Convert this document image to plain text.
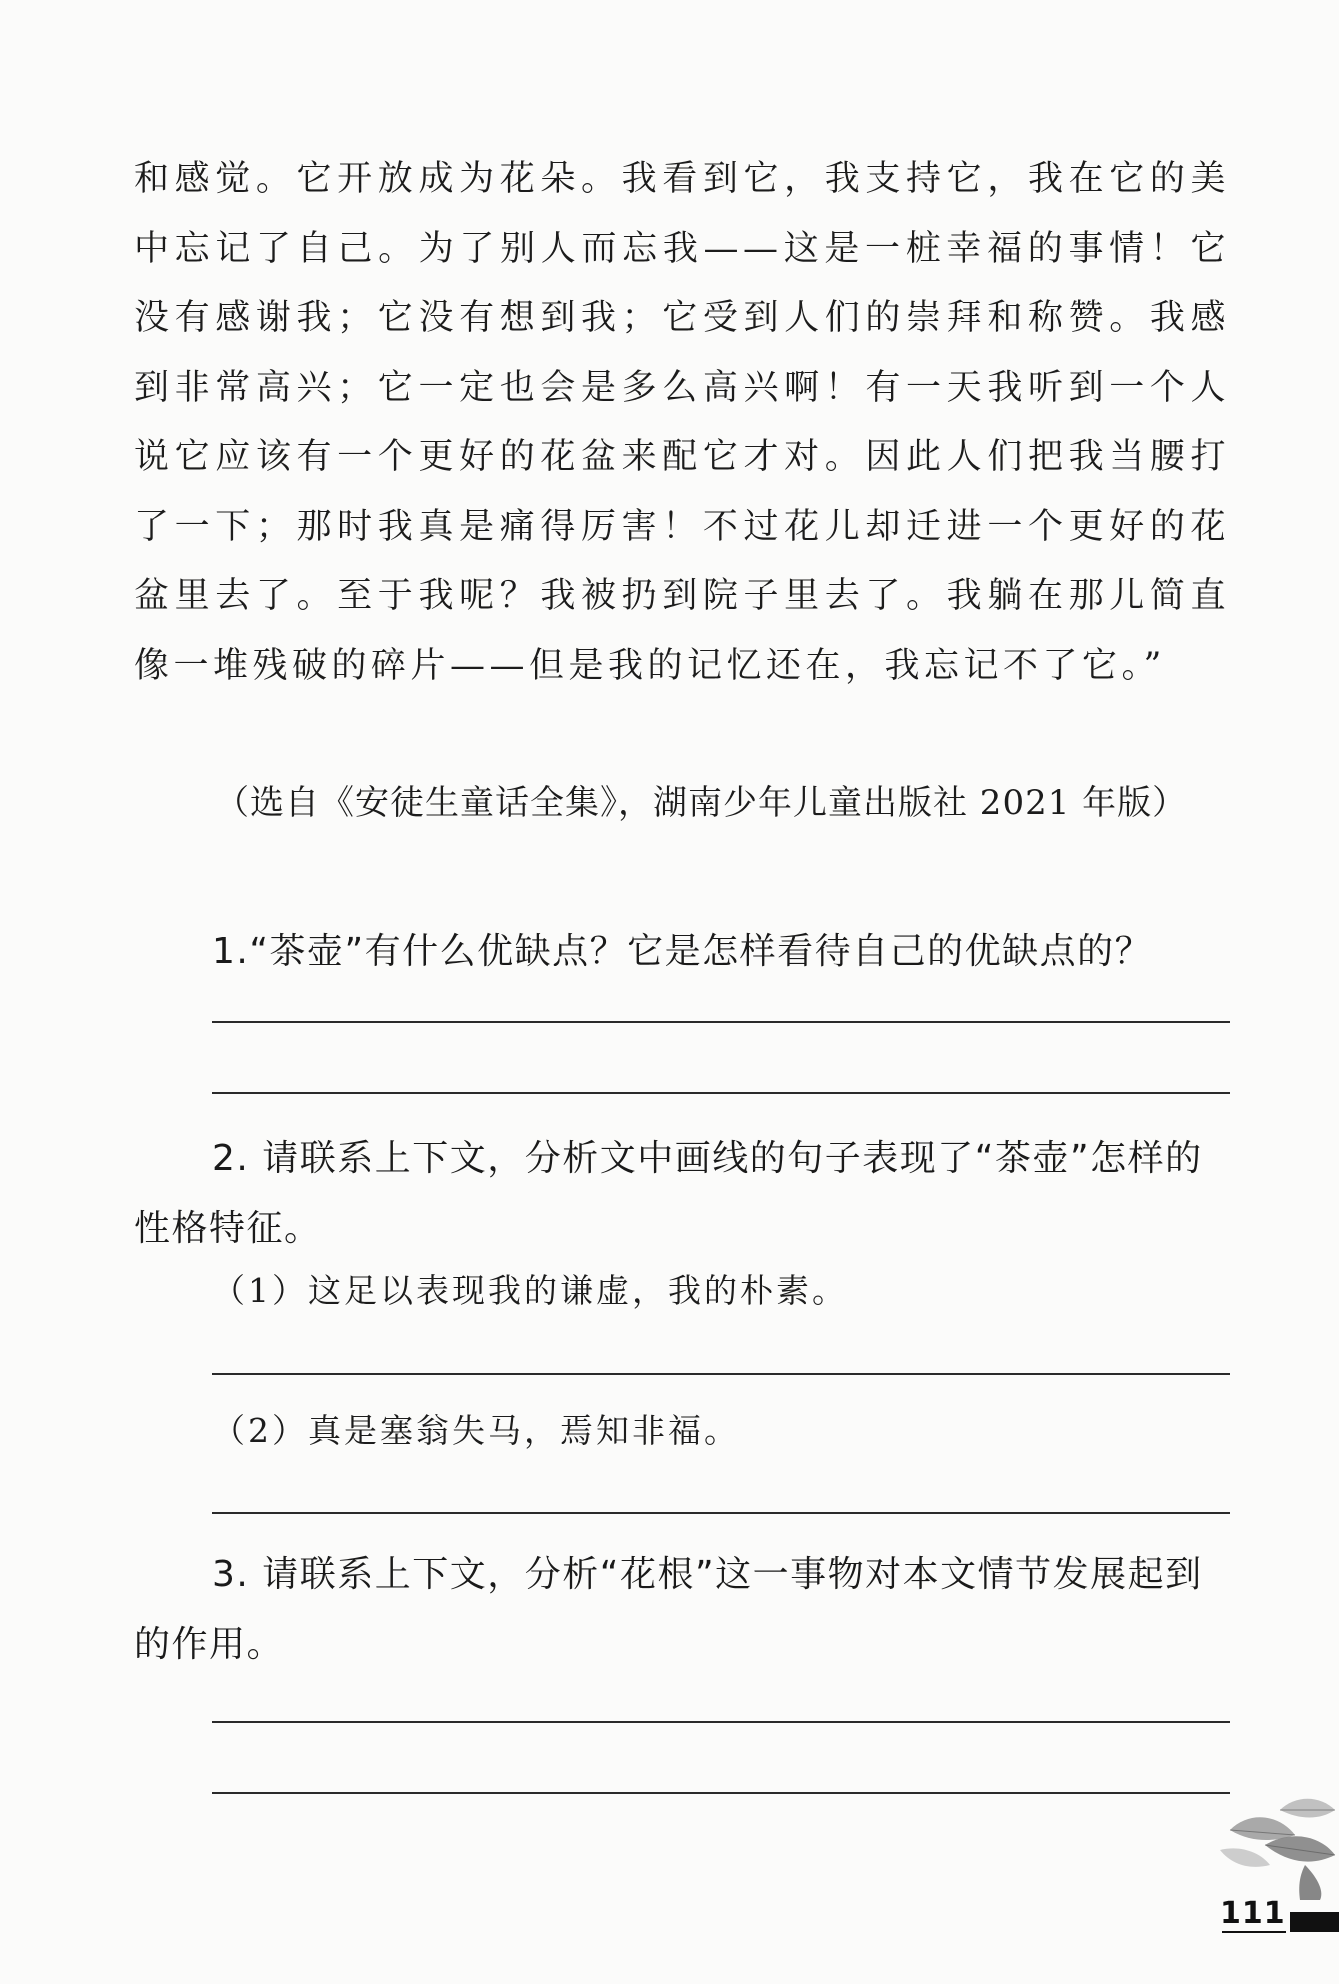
和感觉。它开放成为花朵。我看到它，我支持它，我在它的美中忘记了自己。为了别人而忘我——这是一桩幸福的事情！它没有感谢我；它没有想到我；它受到人们的崇拜和称赞。我感到非常高兴；它一定也会是多么高兴啊！有一天我听到一个人说它应该有一个更好的花盆来配它才对。因此人们把我当腰打了一下；那时我真是痛得厉害！不过花儿却迁进一个更好的花盆里去了。至于我呢？我被扔到院子里去了。我躺在那儿简直像一堆残破的碎片——但是我的记忆还在，我忘记不了它。”
（选自《安徒生童话全集》，湖南少年儿童出版社 2021 年版）
1.“茶壶”有什么优缺点？它是怎样看待自己的优缺点的？
2. 请联系上下文，分析文中画线的句子表现了“茶壶”怎样的性格特征。
（1）这足以表现我的谦虚，我的朴素。
（2）真是塞翁失马，焉知非福。
3. 请联系上下文，分析“花根”这一事物对本文情节发展起到的作用。
111
